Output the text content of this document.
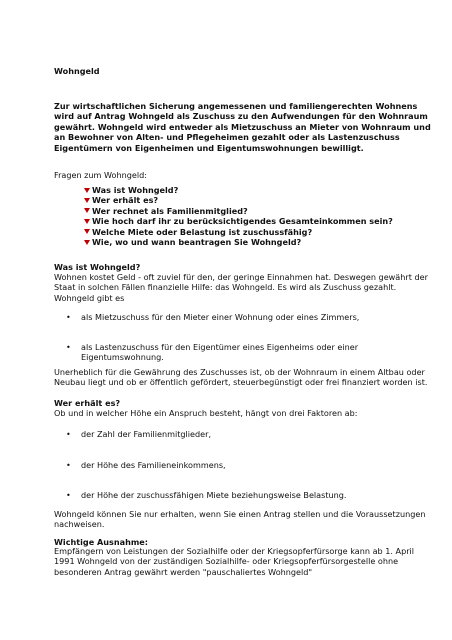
Wohngeld

Zur wirtschaftlichen Sicherung angemessenen und familiengerechten Wohnens wird auf Antrag Wohngeld als Zuschuss zu den Aufwendungen für den Wohnraum gewährt. Wohngeld wird entweder als Mietzuschuss an Mieter von Wohnraum und an Bewohner von Alten- und Pflegeheimen gezahlt oder als Lastenzuschuss Eigentümern von Eigenheimen und Eigentumswohnungen bewilligt.

Fragen zum Wohngeld:

Was ist Wohngeld?
Wer erhält es?
Wer rechnet als Familienmitglied?
Wie hoch darf ihr zu berücksichtigendes Gesamteinkommen sein?
Welche Miete oder Belastung ist zuschussfähig?
Wie, wo und wann beantragen Sie Wohngeld?

Was ist Wohngeld?

Wohnen kostet Geld - oft zuviel für den, der geringe Einnahmen hat. Deswegen gewährt der Staat in solchen Fällen finanzielle Hilfe: das Wohngeld. Es wird als Zuschuss gezahlt. Wohngeld gibt es

• als Mietzuschuss für den Mieter einer Wohnung oder eines Zimmers,
• als Lastenzuschuss für den Eigentümer eines Eigenheims oder einer Eigentumswohnung.

Unerheblich für die Gewährung des Zuschusses ist, ob der Wohnraum in einem Altbau oder Neubau liegt und ob er öffentlich gefördert, steuerbegünstigt oder frei finanziert worden ist.

Wer erhält es?

Ob und in welcher Höhe ein Anspruch besteht, hängt von drei Faktoren ab:

• der Zahl der Familienmitglieder,
• der Höhe des Familieneinkommens,
• der Höhe der zuschussfähigen Miete beziehungsweise Belastung.

Wohngeld können Sie nur erhalten, wenn Sie einen Antrag stellen und die Voraussetzungen nachweisen.

Wichtige Ausnahme:

Empfängern von Leistungen der Sozialhilfe oder der Kriegsopferfürsorge kann ab 1. April 1991 Wohngeld von der zuständigen Sozialhilfe- oder Kriegsopferfürsorgestelle ohne besonderen Antrag gewährt werden "pauschaliertes Wohngeld"
